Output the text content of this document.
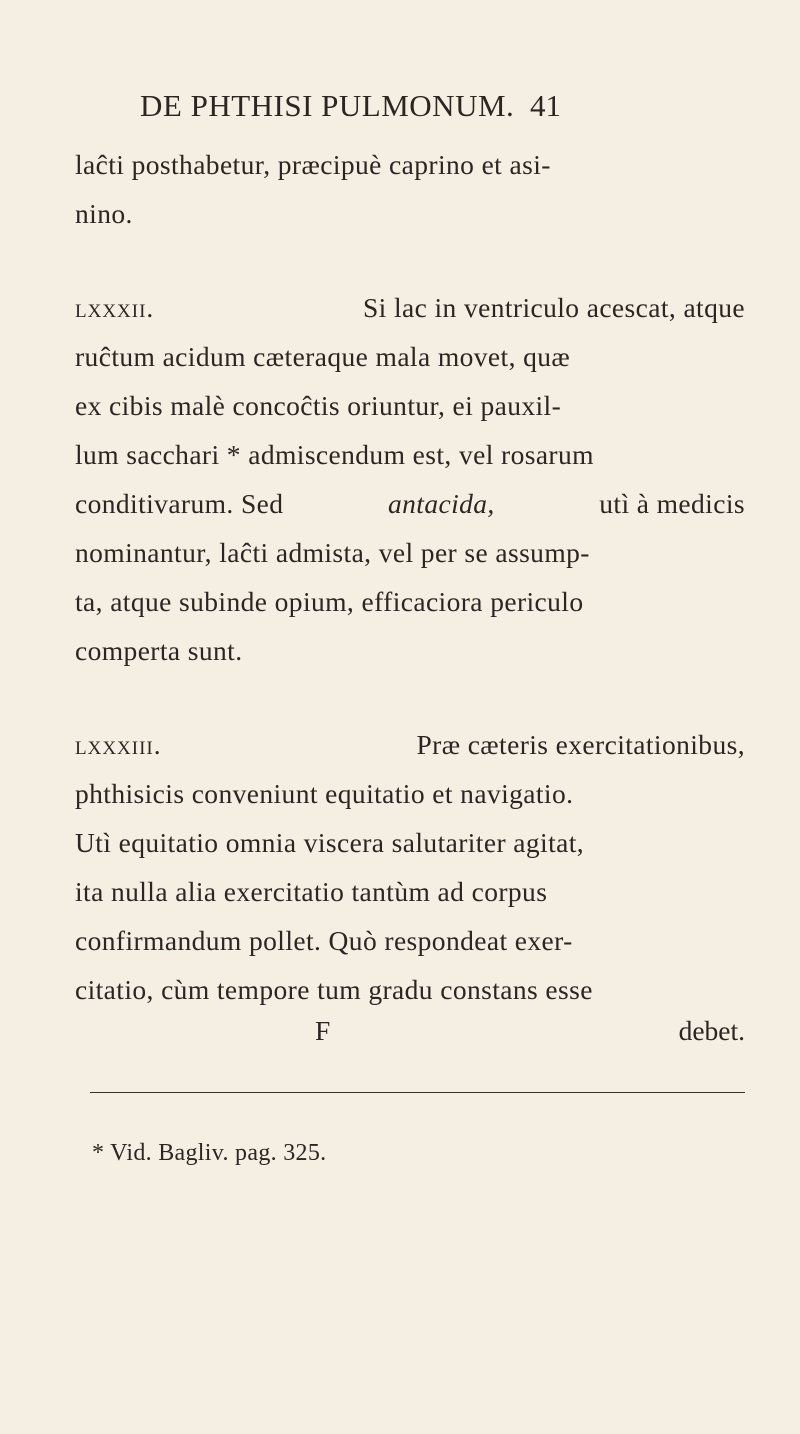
DE PHTHISI PULMONUM. 41
laĉti posthabetur, præcipuè caprino et asi-
nino.
lxxxii.	Si lac in ventriculo acescat, atque
ruĉtum acidum cæteraque mala movet, quæ
ex cibis malè concoĉtis oriuntur, ei pauxil-
lum sacchari * admiscendum est, vel rosarum
conditivarum. Sed	antacida,	utì à medicis
nominantur, laĉti admista, vel per se assump-
ta, atque subinde opium, efficaciora periculo
comperta sunt.
lxxxiii.	Præ cæteris exercitationibus,
phthisicis conveniunt equitatio et navigatio.
Utì equitatio omnia viscera salutariter agitat,
ita nulla alia exercitatio tantùm ad corpus
confirmandum pollet. Quò respondeat exer-
citatio, cùm tempore tum gradu constans esse
F	debet.
* Vid. Bagliv. pag. 325.
